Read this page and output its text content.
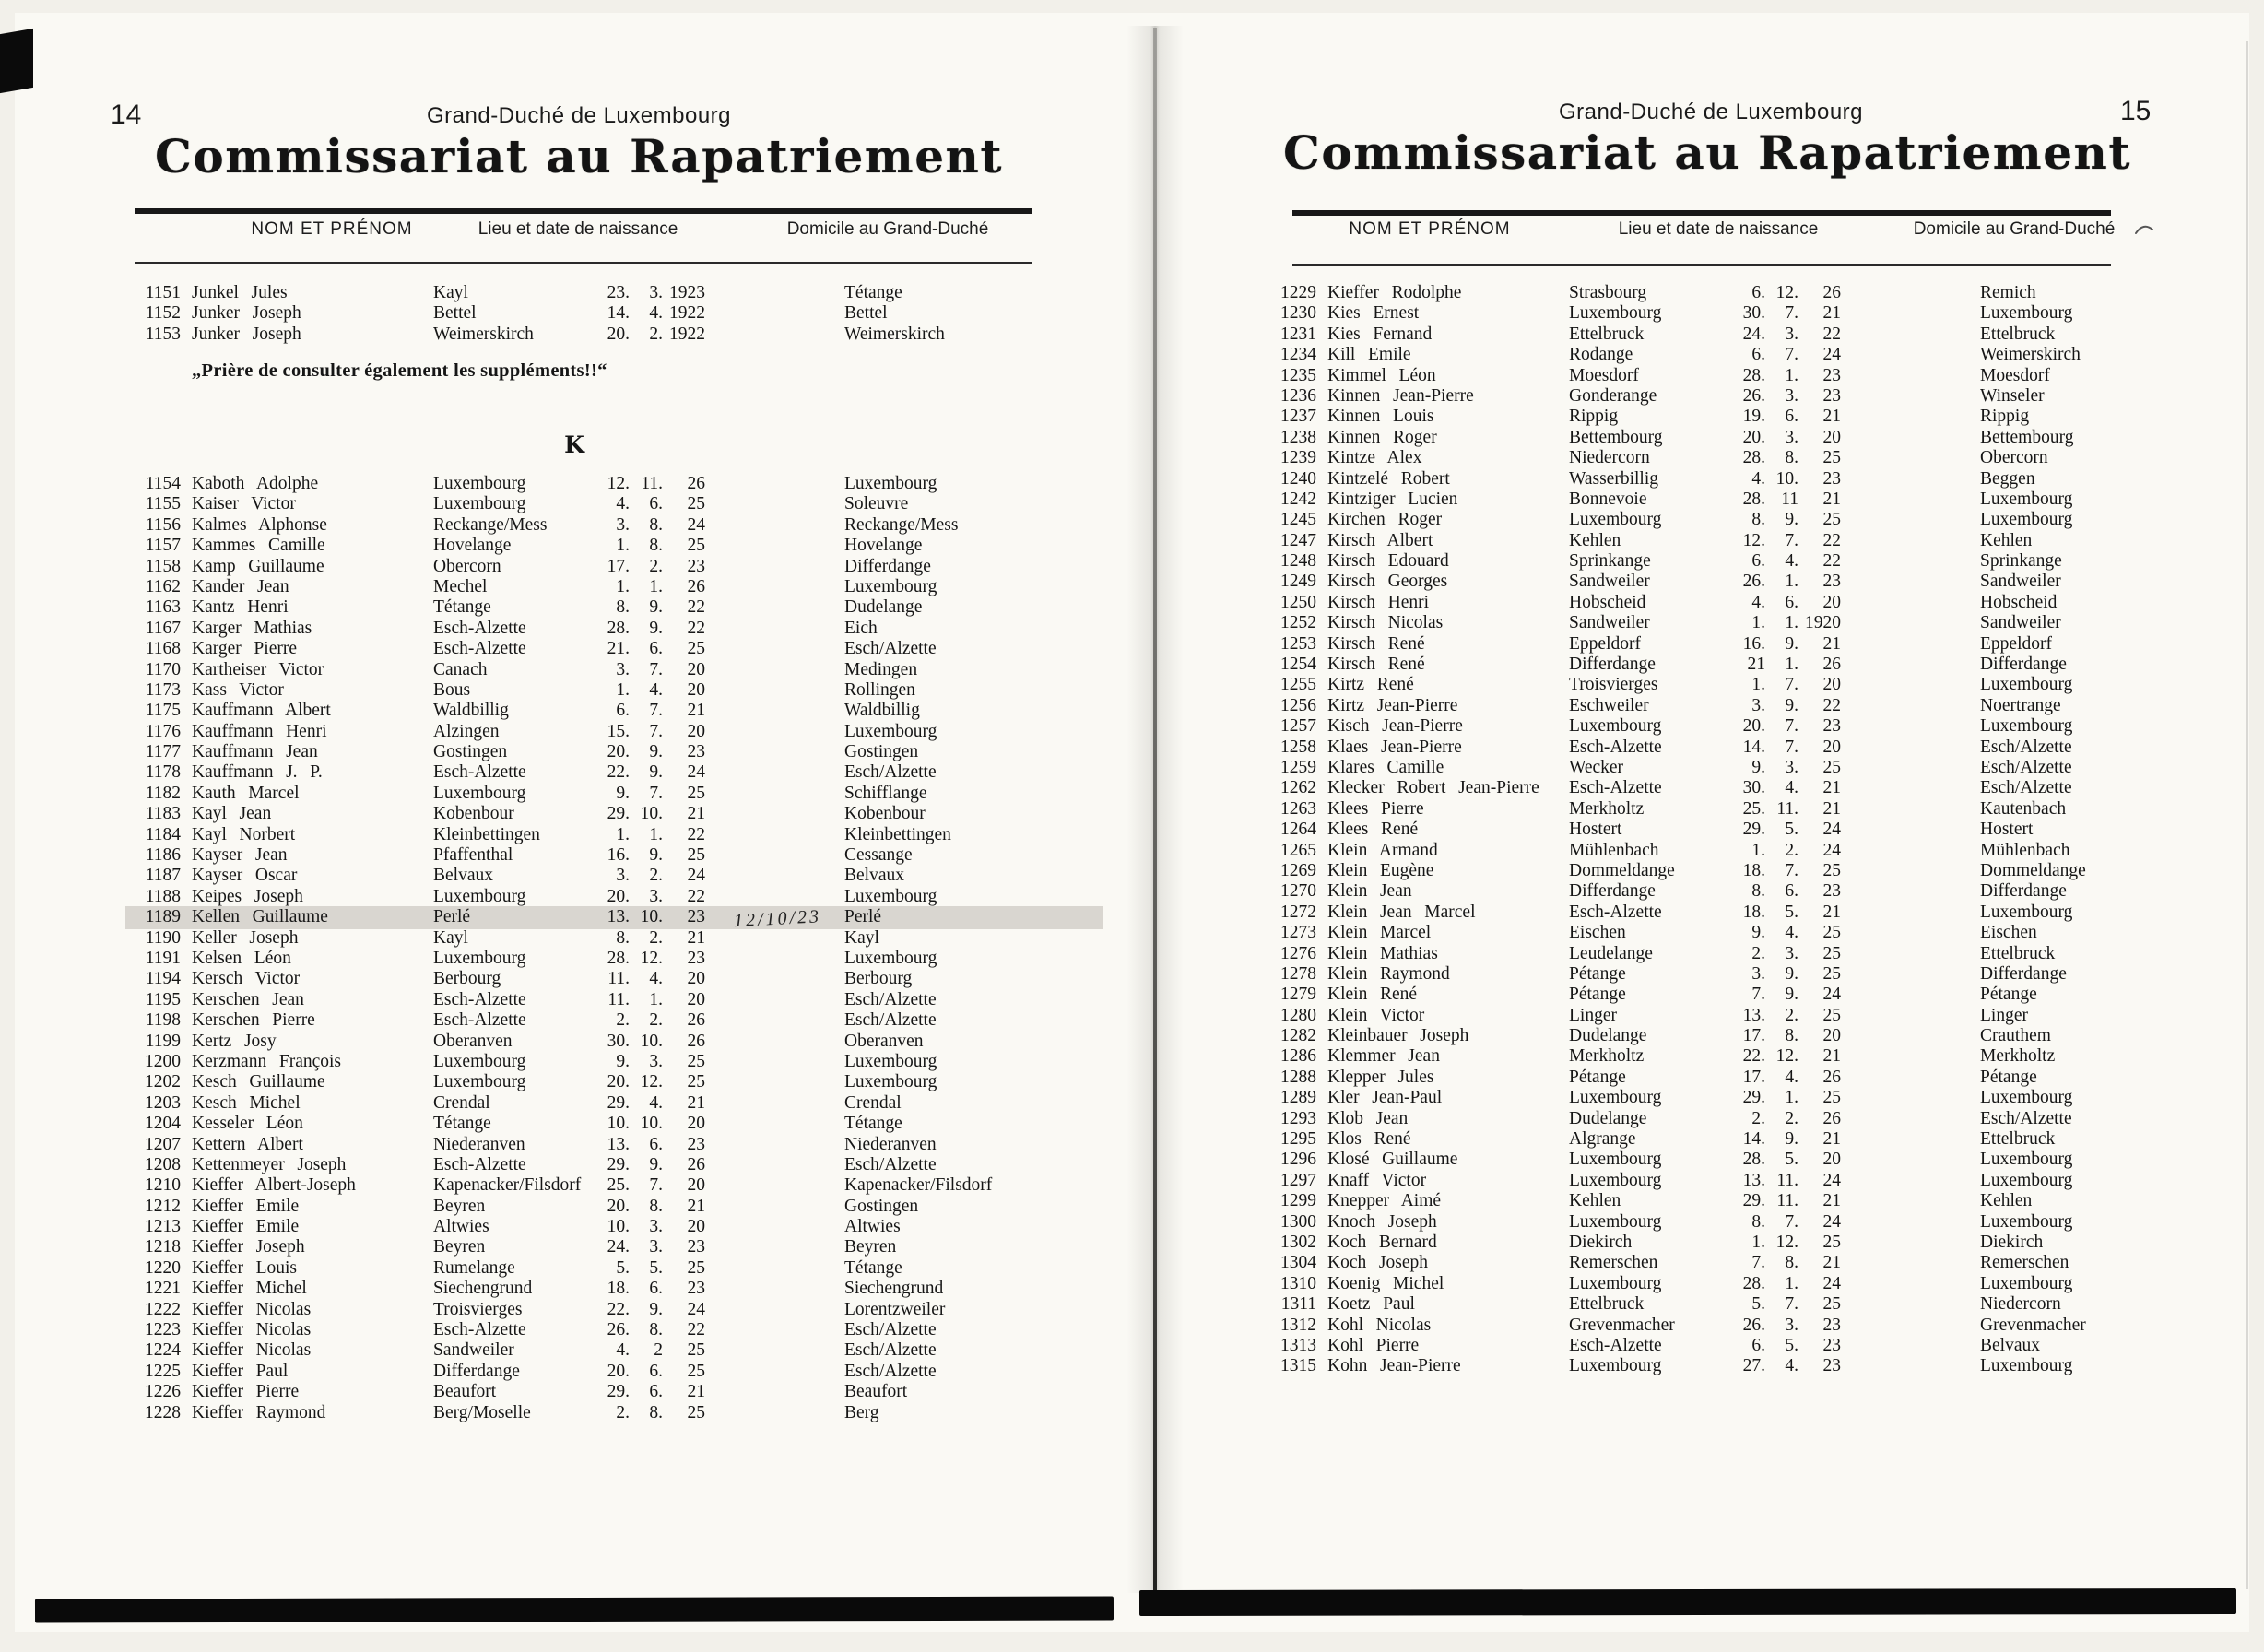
14	Grand-Duché de Luxembourg
Commissariat au Rapatriement
NOM ET PRÉNOM	Lieu et date de naissance	Domicile au Grand-Duché
1151 Junkel Jules	Kayl	23. 3. 1923	Tétange
1152 Junker Joseph	Bettel	14. 4. 1922	Bettel
1153 Junker Joseph	Weimerskirch	20. 2. 1922	Weimerskirch
„Prière de consulter également les suppléments!!“
K
1154 Kaboth Adolphe	Luxembourg	12. 11. 26	Luxembourg
1155 Kaiser Victor	Luxembourg	4. 6. 25	Soleuvre
1156 Kalmes Alphonse	Reckange/Mess	3. 8. 24	Reckange/Mess
1157 Kammes Camille	Hovelange	1. 8. 25	Hovelange
1158 Kamp Guillaume	Obercorn	17. 2. 23	Differdange
1162 Kander Jean	Mechel	1. 1. 26	Luxembourg
1163 Kantz Henri	Tétange	8. 9. 22	Dudelange
1167 Karger Mathias	Esch-Alzette	28. 9. 22	Eich
1168 Karger Pierre	Esch-Alzette	21. 6. 25	Esch/Alzette
1170 Kartheiser Victor	Canach	3. 7. 20	Medingen
1173 Kass Victor	Bous	1. 4. 20	Rollingen
1175 Kauffmann Albert	Waldbillig	6. 7. 21	Waldbillig
1176 Kauffmann Henri	Alzingen	15. 7. 20	Luxembourg
1177 Kauffmann Jean	Gostingen	20. 9. 23	Gostingen
1178 Kauffmann J. P.	Esch-Alzette	22. 9. 24	Esch/Alzette
1182 Kauth Marcel	Luxembourg	9. 7. 25	Schifflange
1183 Kayl Jean	Kobenbour	29. 10. 21	Kobenbour
1184 Kayl Norbert	Kleinbettingen	1. 1. 22	Kleinbettingen
1186 Kayser Jean	Pfaffenthal	16. 9. 25	Cessange
1187 Kayser Oscar	Belvaux	3. 2. 24	Belvaux
1188 Keipes Joseph	Luxembourg	20. 3. 22	Luxembourg
1189 Kellen Guillaume	Perlé	13. 10. 23	Perlé
12/10/23
1190 Keller Joseph	Kayl	8. 2. 21	Kayl
1191 Kelsen Léon	Luxembourg	28. 12. 23	Luxembourg
1194 Kersch Victor	Berbourg	11. 4. 20	Berbourg
1195 Kerschen Jean	Esch-Alzette	11. 1. 20	Esch/Alzette
1198 Kerschen Pierre	Esch-Alzette	2. 2. 26	Esch/Alzette
1199 Kertz Josy	Oberanven	30. 10. 26	Oberanven
1200 Kerzmann François	Luxembourg	9. 3. 25	Luxembourg
1202 Kesch Guillaume	Luxembourg	20. 12. 25	Luxembourg
1203 Kesch Michel	Crendal	29. 4. 21	Crendal
1204 Kesseler Léon	Tétange	10. 10. 20	Tétange
1207 Kettern Albert	Niederanven	13. 6. 23	Niederanven
1208 Kettenmeyer Joseph	Esch-Alzette	29. 9. 26	Esch/Alzette
1210 Kieffer Albert-Joseph	Kapenacker/Filsdorf	25. 7. 20	Kapenacker/Filsdorf
1212 Kieffer Emile	Beyren	20. 8. 21	Gostingen
1213 Kieffer Emile	Altwies	10. 3. 20	Altwies
1218 Kieffer Joseph	Beyren	24. 3. 23	Beyren
1220 Kieffer Louis	Rumelange	5. 5. 25	Tétange
1221 Kieffer Michel	Siechengrund	18. 6. 23	Siechengrund
1222 Kieffer Nicolas	Troisvierges	22. 9. 24	Lorentzweiler
1223 Kieffer Nicolas	Esch-Alzette	26. 8. 22	Esch/Alzette
1224 Kieffer Nicolas	Sandweiler	4. 2 25	Esch/Alzette
1225 Kieffer Paul	Differdange	20. 6. 25	Esch/Alzette
1226 Kieffer Pierre	Beaufort	29. 6. 21	Beaufort
1228 Kieffer Raymond	Berg/Moselle	2. 8. 25	Berg
15
Grand-Duché de Luxembourg
Commissariat au Rapatriement
NOM ET PRÉNOM	Lieu et date de naissance	Domicile au Grand-Duché
1229 Kieffer Rodolphe	Strasbourg	6. 12. 26	Remich
1230 Kies Ernest	Luxembourg	30. 7. 21	Luxembourg
1231 Kies Fernand	Ettelbruck	24. 3. 22	Ettelbruck
1234 Kill Emile	Rodange	6. 7. 24	Weimerskirch
1235 Kimmel Léon	Moesdorf	28. 1. 23	Moesdorf
1236 Kinnen Jean-Pierre	Gonderange	26. 3. 23	Winseler
1237 Kinnen Louis	Rippig	19. 6. 21	Rippig
1238 Kinnen Roger	Bettembourg	20. 3. 20	Bettembourg
1239 Kintze Alex	Niedercorn	28. 8. 25	Obercorn
1240 Kintzelé Robert	Wasserbillig	4. 10. 23	Beggen
1242 Kintziger Lucien	Bonnevoie	28. 11 21	Luxembourg
1245 Kirchen Roger	Luxembourg	8. 9. 25	Luxembourg
1247 Kirsch Albert	Kehlen	12. 7. 22	Kehlen
1248 Kirsch Edouard	Sprinkange	6. 4. 22	Sprinkange
1249 Kirsch Georges	Sandweiler	26. 1. 23	Sandweiler
1250 Kirsch Henri	Hobscheid	4. 6. 20	Hobscheid
1252 Kirsch Nicolas	Sandweiler	1. 1. 1920	Sandweiler
1253 Kirsch René	Eppeldorf	16. 9. 21	Eppeldorf
1254 Kirsch René	Differdange	21 1. 26	Differdange
1255 Kirtz René	Troisvierges	1. 7. 20	Luxembourg
1256 Kirtz Jean-Pierre	Eschweiler	3. 9. 22	Noertrange
1257 Kisch Jean-Pierre	Luxembourg	20. 7. 23	Luxembourg
1258 Klaes Jean-Pierre	Esch-Alzette	14. 7. 20	Esch/Alzette
1259 Klares Camille	Wecker	9. 3. 25	Esch/Alzette
1262 Klecker Robert Jean-Pierre	Esch-Alzette	30. 4. 21	Esch/Alzette
1263 Klees Pierre	Merkholtz	25. 11. 21	Kautenbach
1264 Klees René	Hostert	29. 5. 24	Hostert
1265 Klein Armand	Mühlenbach	1. 2. 24	Mühlenbach
1269 Klein Eugène	Dommeldange	18. 7. 25	Dommeldange
1270 Klein Jean	Differdange	8. 6. 23	Differdange
1272 Klein Jean Marcel	Esch-Alzette	18. 5. 21	Luxembourg
1273 Klein Marcel	Eischen	9. 4. 25	Eischen
1276 Klein Mathias	Leudelange	2. 3. 25	Ettelbruck
1278 Klein Raymond	Pétange	3. 9. 25	Differdange
1279 Klein René	Pétange	7. 9. 24	Pétange
1280 Klein Victor	Linger	13. 2. 25	Linger
1282 Kleinbauer Joseph	Dudelange	17. 8. 20	Crauthem
1286 Klemmer Jean	Merkholtz	22. 12. 21	Merkholtz
1288 Klepper Jules	Pétange	17. 4. 26	Pétange
1289 Kler Jean-Paul	Luxembourg	29. 1. 25	Luxembourg
1293 Klob Jean	Dudelange	2. 2. 26	Esch/Alzette
1295 Klos René	Algrange	14. 9. 21	Ettelbruck
1296 Klosé Guillaume	Luxembourg	28. 5. 20	Luxembourg
1297 Knaff Victor	Luxembourg	13. 11. 24	Luxembourg
1299 Knepper Aimé	Kehlen	29. 11. 21	Kehlen
1300 Knoch Joseph	Luxembourg	8. 7. 24	Luxembourg
1302 Koch Bernard	Diekirch	1. 12. 25	Diekirch
1304 Koch Joseph	Remerschen	7. 8. 21	Remerschen
1310 Koenig Michel	Luxembourg	28. 1. 24	Luxembourg
1311 Koetz Paul	Ettelbruck	5. 7. 25	Niedercorn
1312 Kohl Nicolas	Grevenmacher	26. 3. 23	Grevenmacher
1313 Kohl Pierre	Esch-Alzette	6. 5. 23	Belvaux
1315 Kohn Jean-Pierre	Luxembourg	27. 4. 23	Luxembourg
